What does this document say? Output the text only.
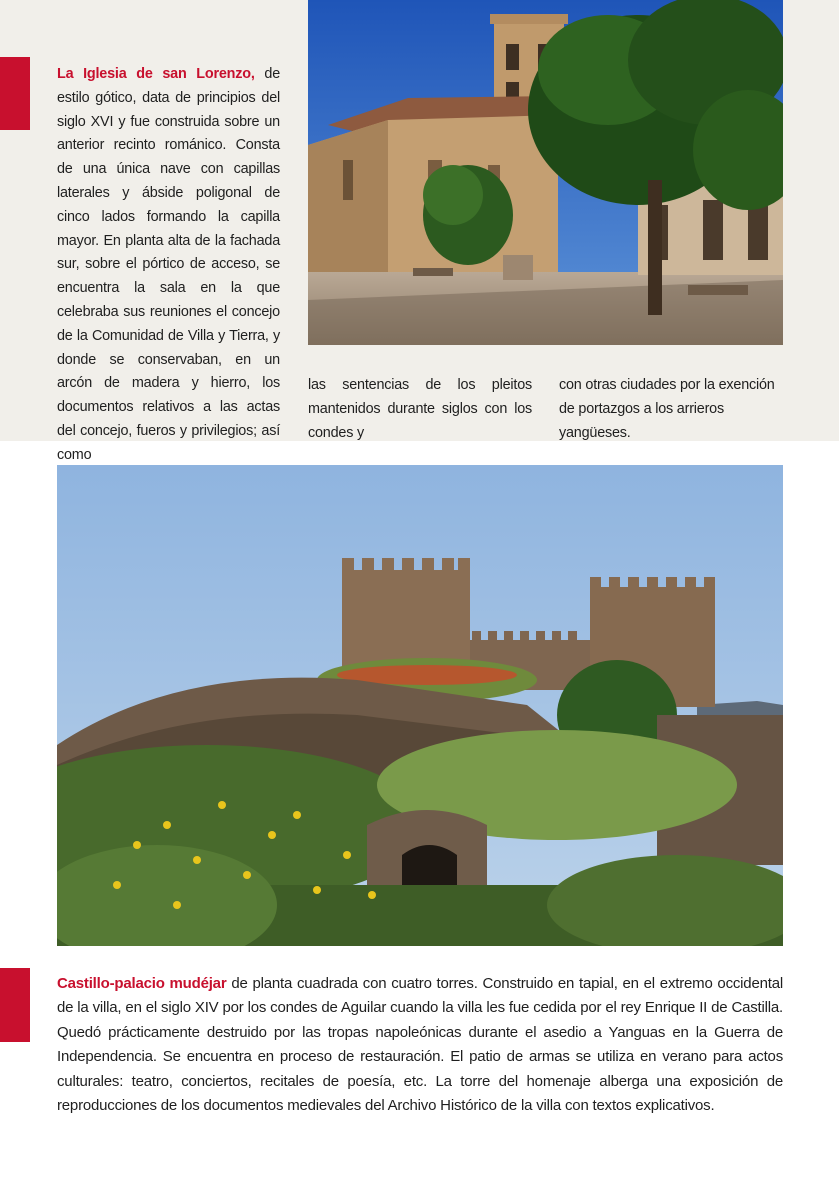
La Iglesia de san Lorenzo, de estilo gótico, data de principios del siglo XVI y fue construida sobre un anterior recinto románico. Consta de una única nave con capillas laterales y ábside poligonal de cinco lados formando la capilla mayor. En planta alta de la fachada sur, sobre el pórtico de acceso, se encuentra la sala en la que celebraba sus reuniones el concejo de la Comunidad de Villa y Tierra, y donde se conservaban, en un arcón de madera y hierro, los documentos relativos a las actas del concejo, fueros y privilegios; así como
las sentencias de los pleitos mantenidos durante siglos con los condes y
con otras ciudades por la exención de portazgos a los arrieros yangüeses.
Castillo-palacio mudéjar de planta cuadrada con cuatro torres. Construido en tapial, en el extremo occidental de la villa, en el siglo XIV por los condes de Aguilar cuando la villa les fue cedida por el rey Enrique II de Castilla. Quedó prácticamente destruido por las tropas napoleónicas durante el asedio a Yanguas en la Guerra de Independencia. Se encuentra en proceso de restauración. El patio de armas se utiliza en verano para actos culturales: teatro, conciertos, recitales de poesía, etc. La torre del homenaje alberga una exposición de reproducciones de los documentos medievales del Archivo Histórico de la villa con textos explicativos.
